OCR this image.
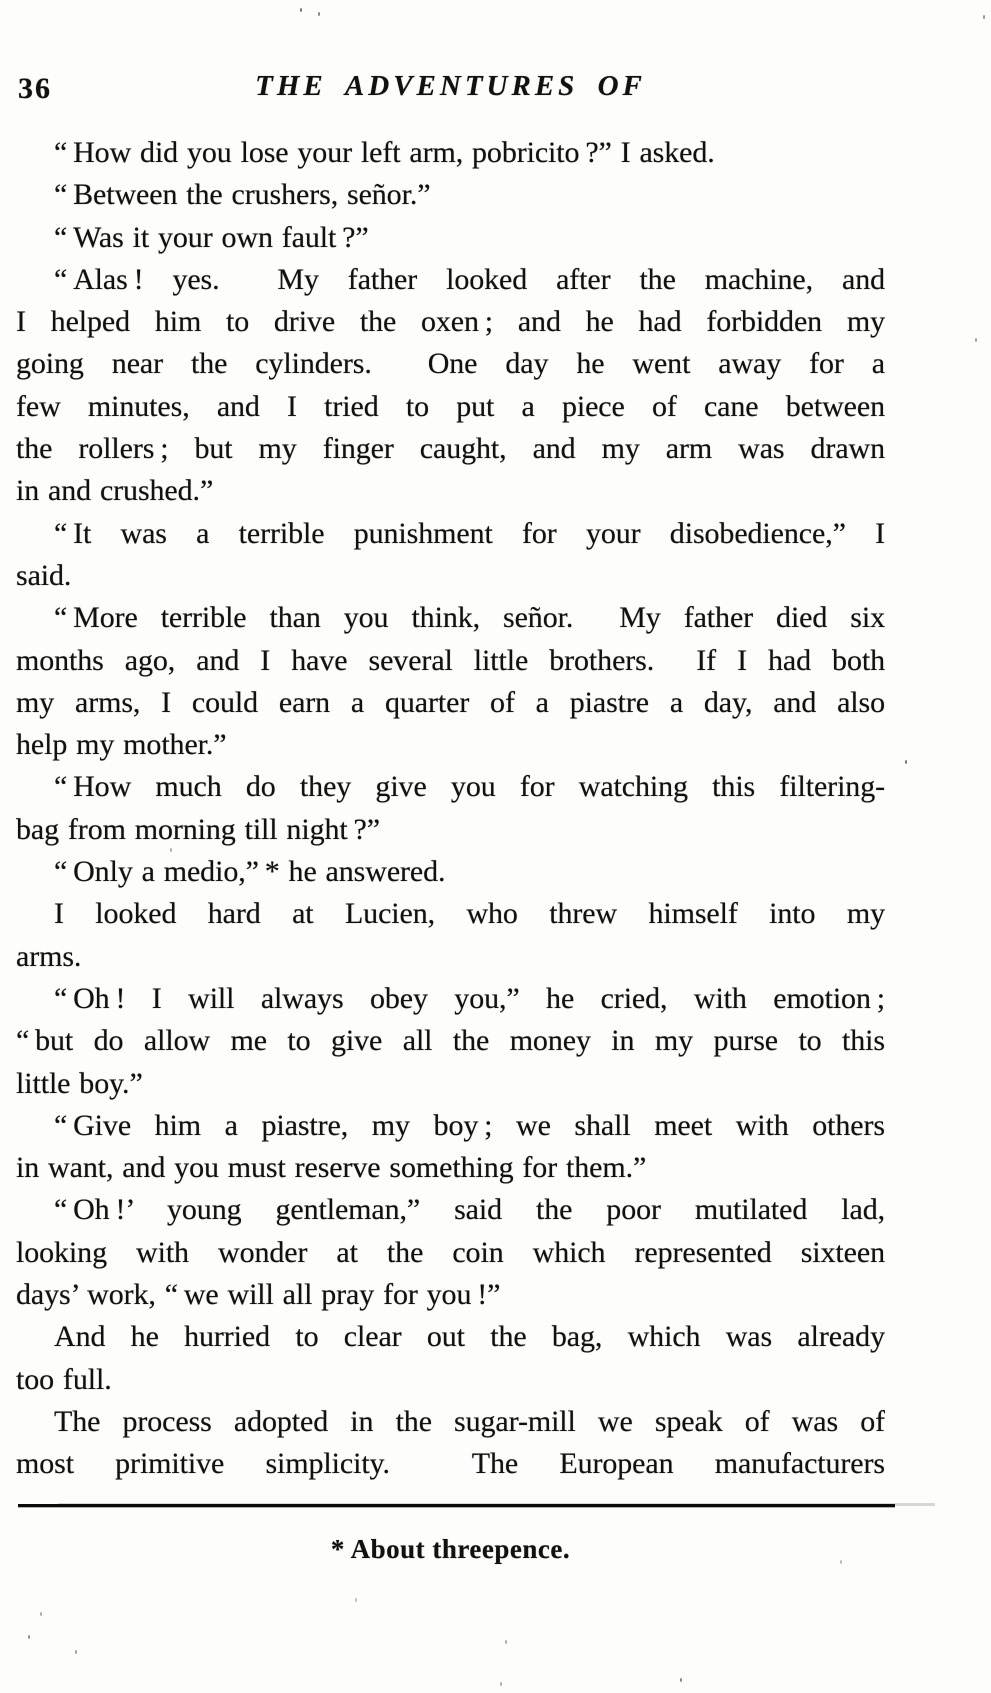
36	THE ADVENTURES OF
“ How did you lose your left arm, pobricito ?” I asked.
“ Between the crushers, señor.”
“ Was it your own fault ?”
“ Alas ! yes.  My father looked after the machine, and
I helped him to drive the oxen ; and he had forbidden my
going near the cylinders.  One day he went away for a
few minutes, and I tried to put a piece of cane between
the rollers ; but my finger caught, and my arm was drawn
in and crushed.”
“ It was a terrible punishment for your disobedience,” I
said.
“ More terrible than you think, señor.  My father died six
months ago, and I have several little brothers.  If I had both
my arms, I could earn a quarter of a piastre a day, and also
help my mother.”
“ How much do they give you for watching this filtering-
bag from morning till night ?”
“ Only a medio,” * he answered.
I looked hard at Lucien, who threw himself into my
arms.
“ Oh ! I will always obey you,” he cried, with emotion ;
“ but do allow me to give all the money in my purse to this
little boy.”
“ Give him a piastre, my boy ; we shall meet with others
in want, and you must reserve something for them.”
“ Oh !’ young gentleman,” said the poor mutilated lad,
looking with wonder at the coin which represented sixteen
days’ work, “ we will all pray for you !”
And he hurried to clear out the bag, which was already
too full.
The process adopted in the sugar-mill we speak of was of
most primitive simplicity.  The European manufacturers
* About threepence.
